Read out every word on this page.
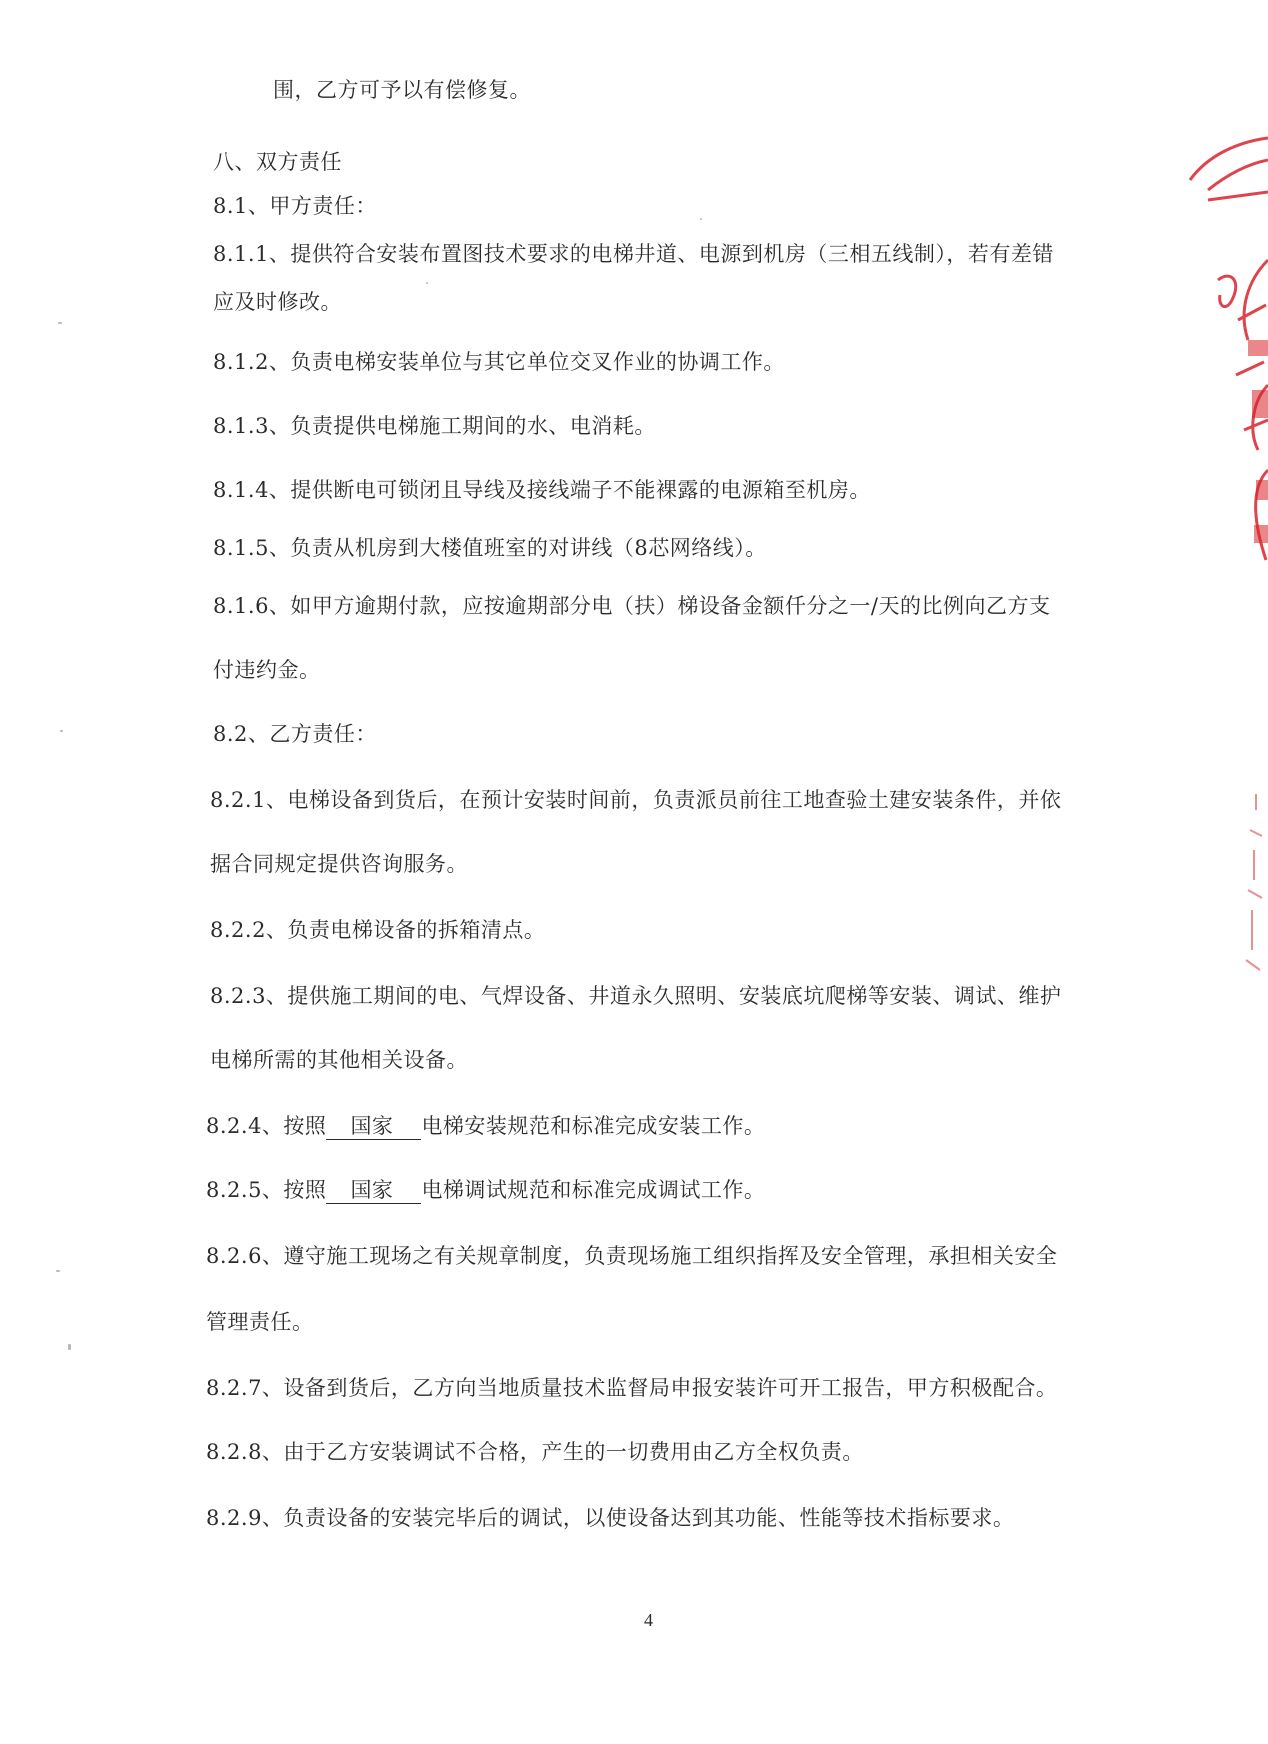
围，乙方可予以有偿修复。
八、双方责任
8.1、甲方责任：
8.1.1、提供符合安装布置图技术要求的电梯井道、电源到机房（三相五线制），若有差错
应及时修改。
8.1.2、负责电梯安装单位与其它单位交叉作业的协调工作。
8.1.3、负责提供电梯施工期间的水、电消耗。
8.1.4、提供断电可锁闭且导线及接线端子不能裸露的电源箱至机房。
8.1.5、负责从机房到大楼值班室的对讲线（8芯网络线）。
8.1.6、如甲方逾期付款，应按逾期部分电（扶）梯设备金额仟分之一/天的比例向乙方支
付违约金。
8.2、乙方责任：
8.2.1、电梯设备到货后，在预计安装时间前，负责派员前往工地查验土建安装条件，并依
据合同规定提供咨询服务。
8.2.2、负责电梯设备的拆箱清点。
8.2.3、提供施工期间的电、气焊设备、井道永久照明、安装底坑爬梯等安装、调试、维护
电梯所需的其他相关设备。
8.2.4、按照 国家 电梯安装规范和标准完成安装工作。
8.2.5、按照 国家 电梯调试规范和标准完成调试工作。
8.2.6、遵守施工现场之有关规章制度，负责现场施工组织指挥及安全管理，承担相关安全
管理责任。
8.2.7、设备到货后，乙方向当地质量技术监督局申报安装许可开工报告，甲方积极配合。
8.2.8、由于乙方安装调试不合格，产生的一切费用由乙方全权负责。
8.2.9、负责设备的安装完毕后的调试，以使设备达到其功能、性能等技术指标要求。
4
